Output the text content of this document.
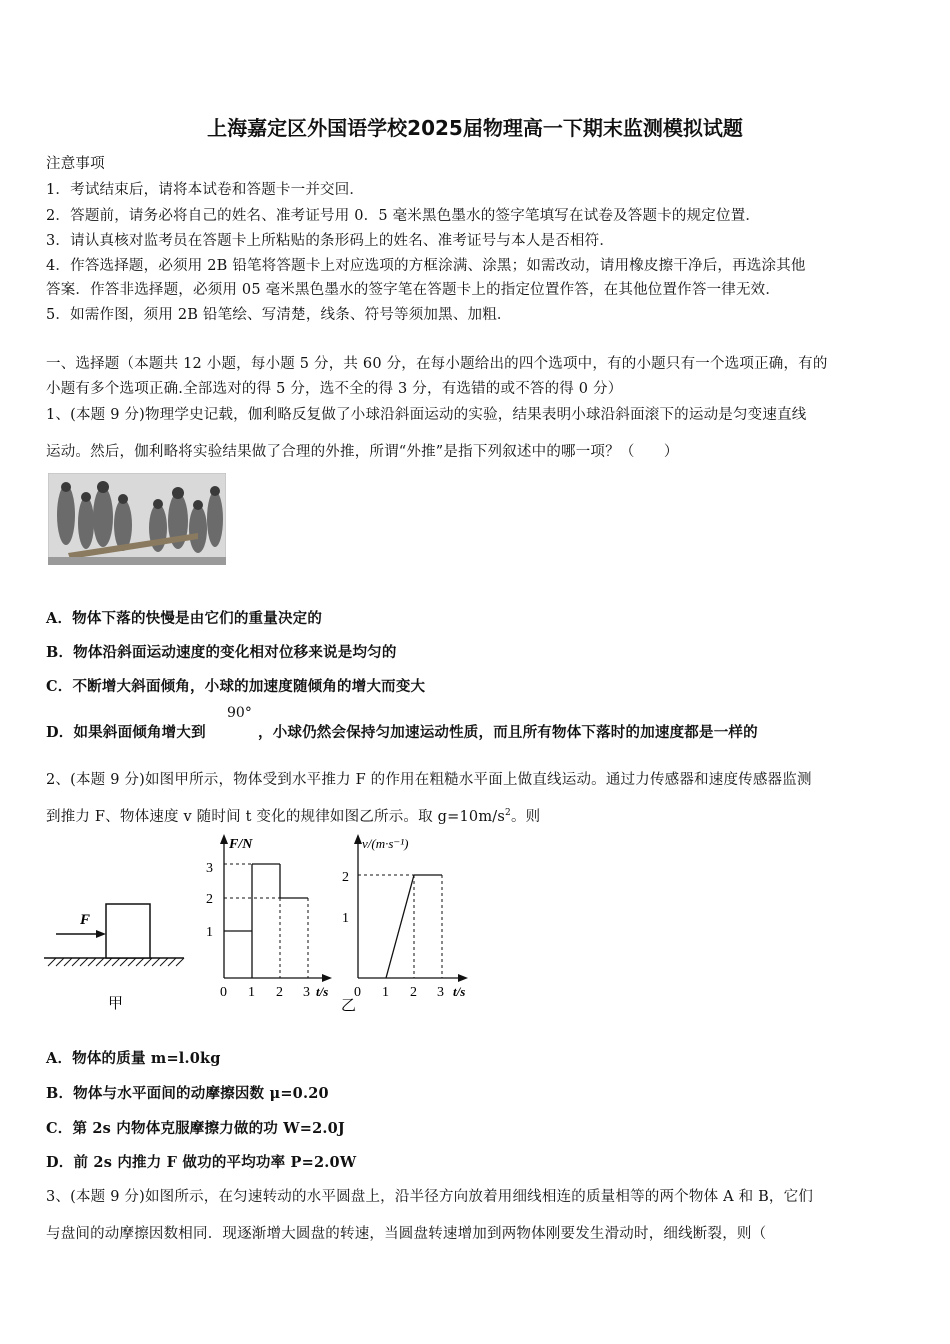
上海嘉定区外国语学校2025届物理高一下期末监测模拟试题
注意事项
1．考试结束后，请将本试卷和答题卡一并交回．
2．答题前，请务必将自己的姓名、准考证号用 0．5 毫米黑色墨水的签字笔填写在试卷及答题卡的规定位置．
3．请认真核对监考员在答题卡上所粘贴的条形码上的姓名、准考证号与本人是否相符．
4．作答选择题，必须用 2B 铅笔将答题卡上对应选项的方框涂满、涂黑；如需改动，请用橡皮擦干净后，再选涂其他
答案．作答非选择题，必须用 05 毫米黑色墨水的签字笔在答题卡上的指定位置作答，在其他位置作答一律无效．
5．如需作图，须用 2B 铅笔绘、写清楚，线条、符号等须加黑、加粗．
一、选择题（本题共 12 小题，每小题 5 分，共 60 分，在每小题给出的四个选项中，有的小题只有一个选项正确，有的
小题有多个选项正确.全部选对的得 5 分，选不全的得 3 分，有选错的或不答的得 0 分）
1、(本题 9 分)物理学史记载，伽利略反复做了小球沿斜面运动的实验，结果表明小球沿斜面滚下的运动是匀变速直线
运动。然后，伽利略将实验结果做了合理的外推，所谓“外推”是指下列叙述中的哪一项？（　　）
A．物体下落的快慢是由它们的重量决定的
B．物体沿斜面运动速度的变化相对位移来说是均匀的
C．不断增大斜面倾角，小球的加速度随倾角的增大而变大
D．如果斜面倾角增大到
90°
，小球仍然会保持匀加速运动性质，而且所有物体下落时的加速度都是一样的
2、(本题 9 分)如图甲所示，物体受到水平推力 F 的作用在粗糙水平面上做直线运动。通过力传感器和速度传感器监测
到推力 F、物体速度 v 随时间 t 变化的规律如图乙所示。取 $g=10m/s^2$。则
F
甲
F/N
1
2
3
0 1 2 3 t/s
v/(m·s⁻¹)
1
2
0 1 2 3 t/s
乙
A．物体的质量 m=l.0kg
B．物体与水平面间的动摩擦因数 μ=0.20
C．第 2s 内物体克服摩擦力做的功 W=2.0J
D．前 2s 内推力 F 做功的平均功率 P=2.0W
3、(本题 9 分)如图所示，在匀速转动的水平圆盘上，沿半径方向放着用细线相连的质量相等的两个物体 A 和 B，它们
与盘间的动摩擦因数相同．现逐渐增大圆盘的转速，当圆盘转速增加到两物体刚要发生滑动时，细线断裂，则（
